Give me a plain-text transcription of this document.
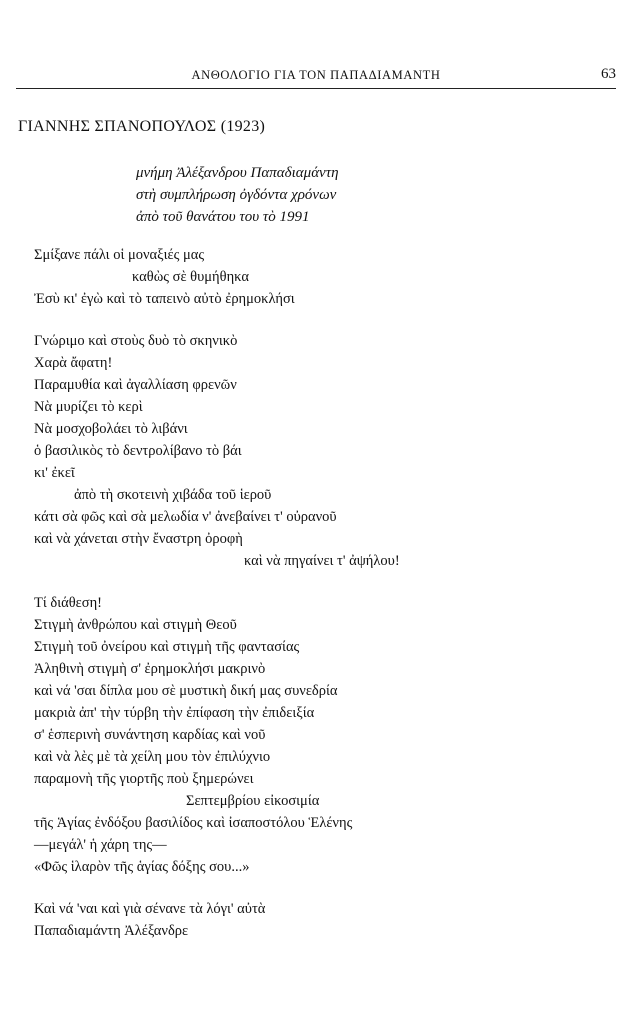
ΑΝΘΟΛΟΓΙΟ ΓΙΑ ΤΟΝ ΠΑΠΑΔΙΑΜΑΝΤΗ	63
ΓΙΑΝΝΗΣ ΣΠΑΝΟΠΟΥΛΟΣ (1923)
μνήμη Ἀλέξανδρου Παπαδιαμάντη
στὴ συμπλήρωση ὀγδόντα χρόνων
ἀπὸ τοῦ θανάτου του τὸ 1991
Σμίξανε πάλι οἱ μοναξιές μας
καθὼς σὲ θυμήθηκα
Ἐσὺ κι' ἐγὼ καὶ τὸ ταπεινὸ αὐτὸ ἐρημοκλήσι
Γνώριμο καὶ στοὺς δυὸ τὸ σκηνικὸ
Χαρὰ ἄφατη!
Παραμυθία καὶ ἀγαλλίαση φρενῶν
Νὰ μυρίζει τὸ κερὶ
Νὰ μοσχοβολάει τὸ λιβάνι
ὁ βασιλικὸς τὸ δεντρολίβανο τὸ βάι
κι' ἐκεῖ
ἀπὸ τὴ σκοτεινὴ χιβάδα τοῦ ἱεροῦ
κάτι σὰ φῶς καὶ σὰ μελωδία ν' ἀνεβαίνει τ' οὐρανοῦ
καὶ νὰ χάνεται στὴν ἔναστρη ὀροφὴ
καὶ νὰ πηγαίνει τ' ἀψήλου!
Τί διάθεση!
Στιγμὴ ἀνθρώπου καὶ στιγμὴ Θεοῦ
Στιγμὴ τοῦ ὀνείρου καὶ στιγμὴ τῆς φαντασίας
Ἀληθινὴ στιγμὴ σ' ἐρημοκλήσι μακρινὸ
καὶ νά 'σαι δίπλα μου σὲ μυστικὴ δική μας συνεδρία
μακριὰ ἀπ' τὴν τύρβη τὴν ἐπίφαση τὴν ἐπιδειξία
σ' ἑσπερινὴ συνάντηση καρδίας καὶ νοῦ
καὶ νὰ λὲς μὲ τὰ χείλη μου τὸν ἐπιλύχνιο
παραμονὴ τῆς γιορτῆς ποὺ ξημερώνει
Σεπτεμβρίου εἰκοσιμία
τῆς Ἁγίας ἐνδόξου βασιλίδος καὶ ἰσαποστόλου Ἑλένης
—μεγάλ' ἡ χάρη της—
«Φῶς ἱλαρὸν τῆς ἁγίας δόξης σου...»
Καὶ νά 'ναι καὶ γιὰ σένανε τὰ λόγι' αὐτὰ
Παπαδιαμάντη Ἀλέξανδρε
